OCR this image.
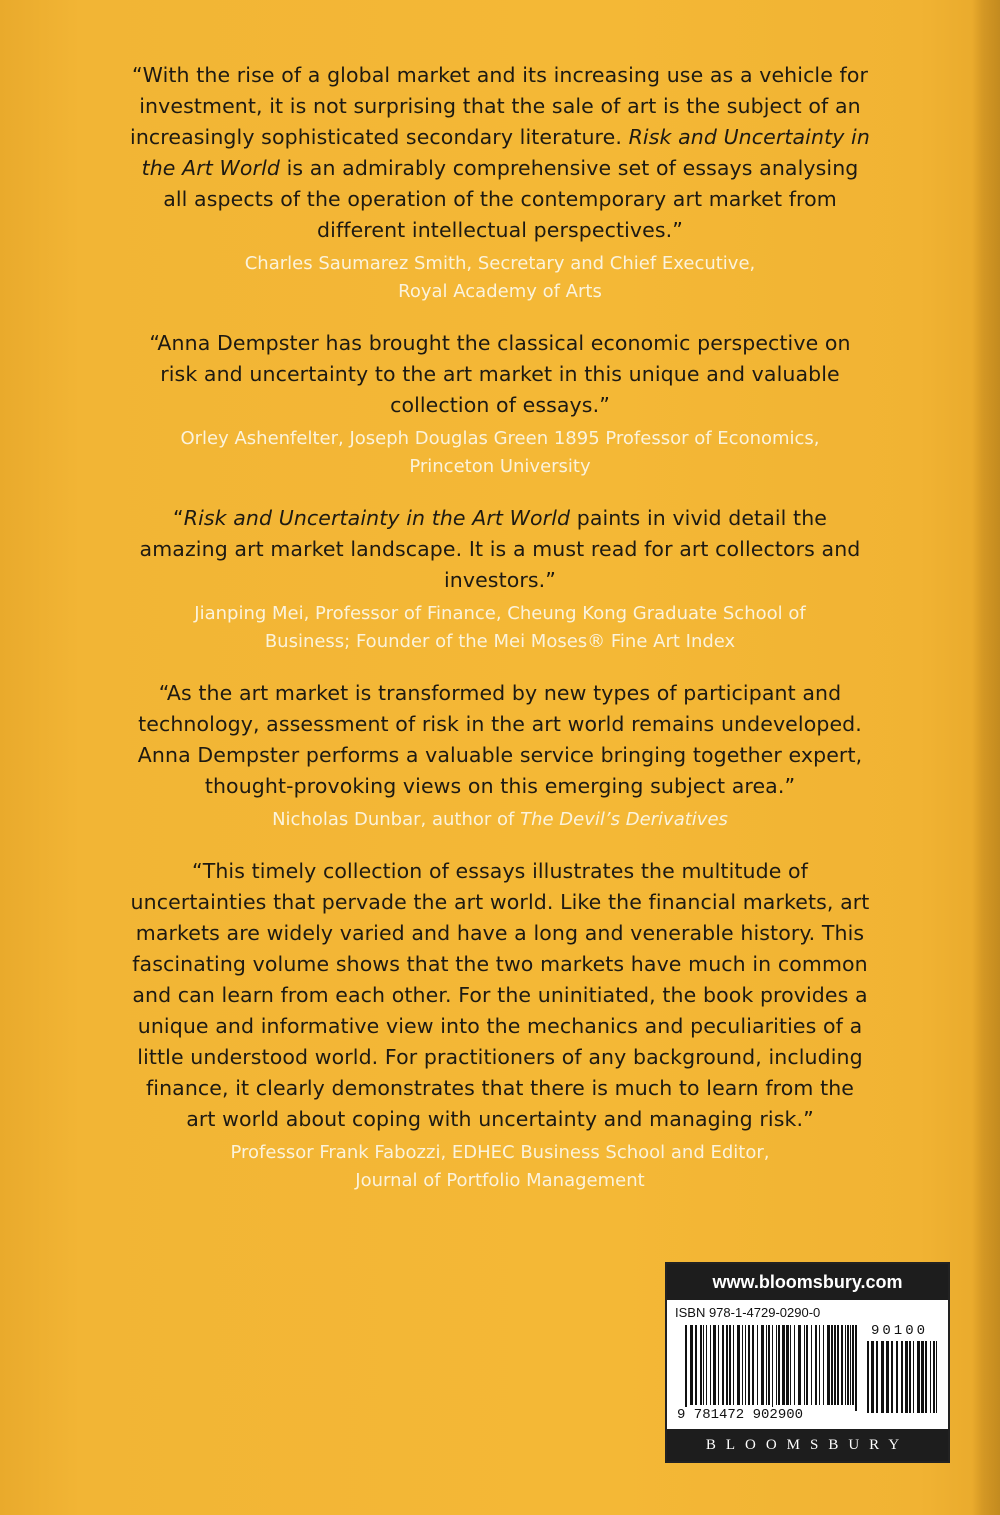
“With the rise of a global market and its increasing use as a vehicle for investment, it is not surprising that the sale of art is the subject of an increasingly sophisticated secondary literature. Risk and Uncertainty in the Art World is an admirably comprehensive set of essays analysing all aspects of the operation of the contemporary art market from different intellectual perspectives.”

Charles Saumarez Smith, Secretary and Chief Executive,
Royal Academy of Arts

“Anna Dempster has brought the classical economic perspective on risk and uncertainty to the art market in this unique and valuable collection of essays.”

Orley Ashenfelter, Joseph Douglas Green 1895 Professor of Economics,
Princeton University

“Risk and Uncertainty in the Art World paints in vivid detail the amazing art market landscape. It is a must read for art collectors and investors.”

Jianping Mei, Professor of Finance, Cheung Kong Graduate School of
Business; Founder of the Mei Moses® Fine Art Index

“As the art market is transformed by new types of participant and technology, assessment of risk in the art world remains undeveloped. Anna Dempster performs a valuable service bringing together expert, thought-provoking views on this emerging subject area.”

Nicholas Dunbar, author of The Devil’s Derivatives

“This timely collection of essays illustrates the multitude of uncertainties that pervade the art world. Like the financial markets, art markets are widely varied and have a long and venerable history. This fascinating volume shows that the two markets have much in common and can learn from each other. For the uninitiated, the book provides a unique and informative view into the mechanics and peculiarities of a little understood world. For practitioners of any background, including finance, it clearly demonstrates that there is much to learn from the art world about coping with uncertainty and managing risk.”

Professor Frank Fabozzi, EDHEC Business School and Editor,
Journal of Portfolio Management

www.bloomsbury.com
ISBN 978-1-4729-0290-0
9 781472 902900
90100
BLOOMSBURY
